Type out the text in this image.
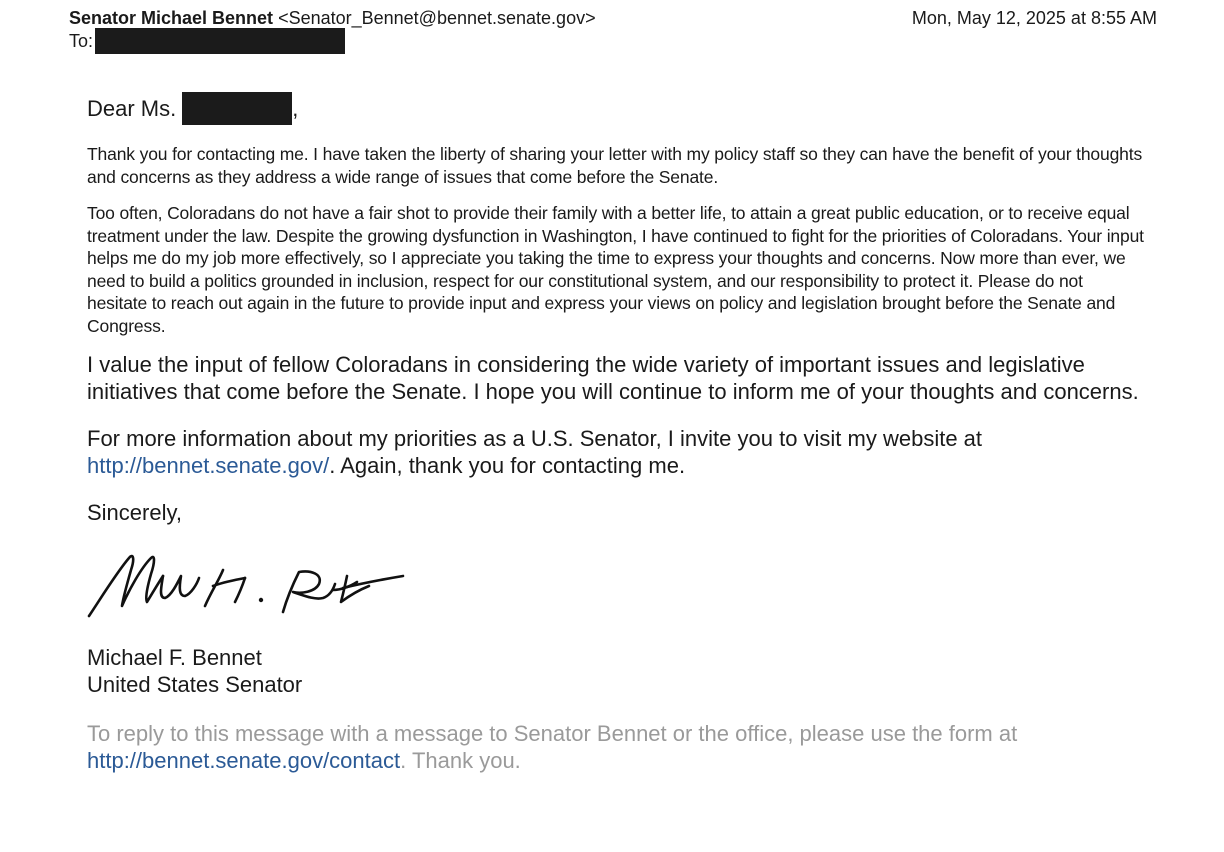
Senator Michael Bennet <Senator_Bennet@bennet.senate.gov>	Mon, May 12, 2025 at 8:55 AM
To:

Dear Ms.	,

Thank you for contacting me. I have taken the liberty of sharing your letter with my policy staff so they can have the benefit of your thoughts and concerns as they address a wide range of issues that come before the Senate.

Too often, Coloradans do not have a fair shot to provide their family with a better life, to attain a great public education, or to receive equal treatment under the law. Despite the growing dysfunction in Washington, I have continued to fight for the priorities of Coloradans. Your input helps me do my job more effectively, so I appreciate you taking the time to express your thoughts and concerns. Now more than ever, we need to build a politics grounded in inclusion, respect for our constitutional system, and our responsibility to protect it. Please do not hesitate to reach out again in the future to provide input and express your views on policy and legislation brought before the Senate and Congress.

I value the input of fellow Coloradans in considering the wide variety of important issues and legislative initiatives that come before the Senate. I hope you will continue to inform me of your thoughts and concerns.

For more information about my priorities as a U.S. Senator, I invite you to visit my website at
http://bennet.senate.gov/. Again, thank you for contacting me.

Sincerely,

Michael F. Bennet
United States Senator

To reply to this message with a message to Senator Bennet or the office, please use the form at
http://bennet.senate.gov/contact. Thank you.
